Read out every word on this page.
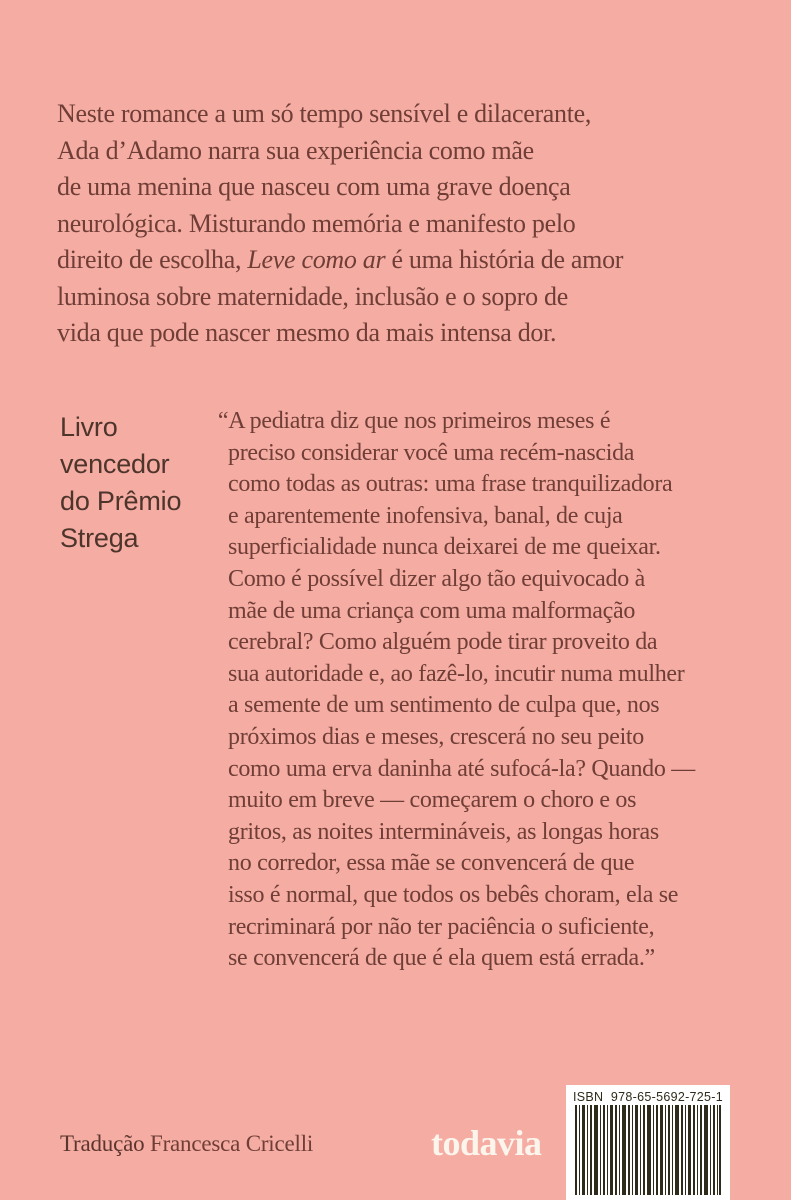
Neste romance a um só tempo sensível e dilacerante,
Ada d’Adamo narra sua experiência como mãe
de uma menina que nasceu com uma grave doença
neurológica. Misturando memória e manifesto pelo
direito de escolha, Leve como ar é uma história de amor
luminosa sobre maternidade, inclusão e o sopro de
vida que pode nascer mesmo da mais intensa dor.
Livro
vencedor
do Prêmio
Strega
“A pediatra diz que nos primeiros meses é
preciso considerar você uma recém-nascida
como todas as outras: uma frase tranquilizadora
e aparentemente inofensiva, banal, de cuja
superficialidade nunca deixarei de me queixar.
Como é possível dizer algo tão equivocado à
mãe de uma criança com uma malformação
cerebral? Como alguém pode tirar proveito da
sua autoridade e, ao fazê-lo, incutir numa mulher
a semente de um sentimento de culpa que, nos
próximos dias e meses, crescerá no seu peito
como uma erva daninha até sufocá-la? Quando —
muito em breve — começarem o choro e os
gritos, as noites intermináveis, as longas horas
no corredor, essa mãe se convencerá de que
isso é normal, que todos os bebês choram, ela se
recriminará por não ter paciência o suficiente,
se convencerá de que é ela quem está errada.”
Tradução Francesca Cricelli	todavia
ISBN 978-65-5692-725-1
